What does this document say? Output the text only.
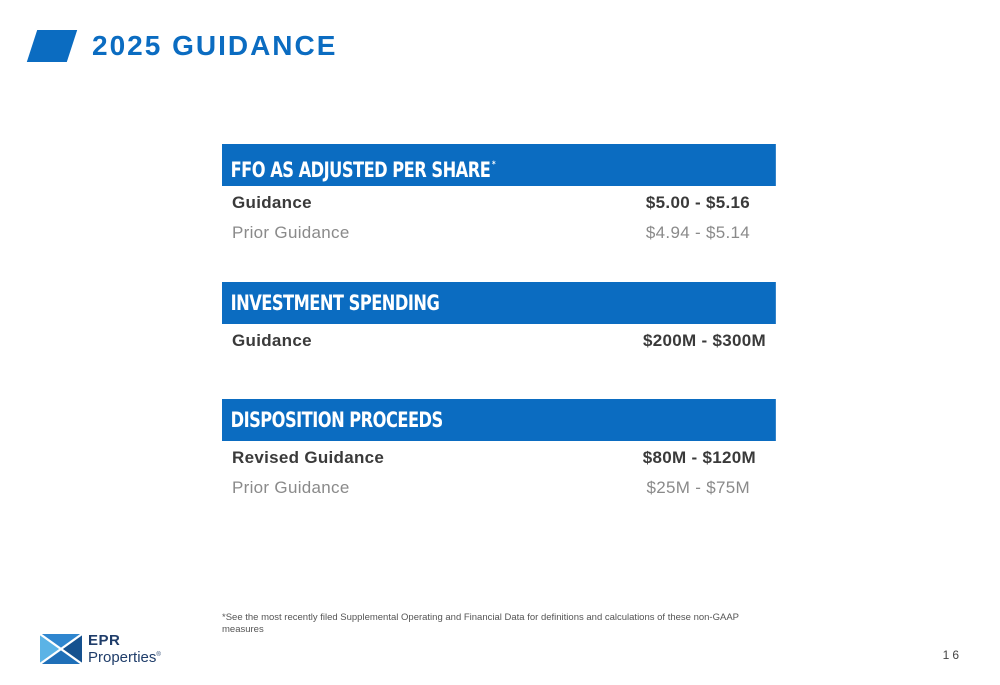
2025 GUIDANCE
FFO AS ADJUSTED PER SHARE *
Guidance	$5.00 - $5.16
Prior Guidance	$4.94 - $5.14
INVESTMENT SPENDING
Guidance	$200M - $300M
DISPOSITION PROCEEDS
Revised Guidance	$80M - $120M
Prior Guidance	$25M - $75M
*See the most recently filed Supplemental Operating and Financial Data for definitions and calculations of these non-GAAP measures
EPR
Properties®	16
